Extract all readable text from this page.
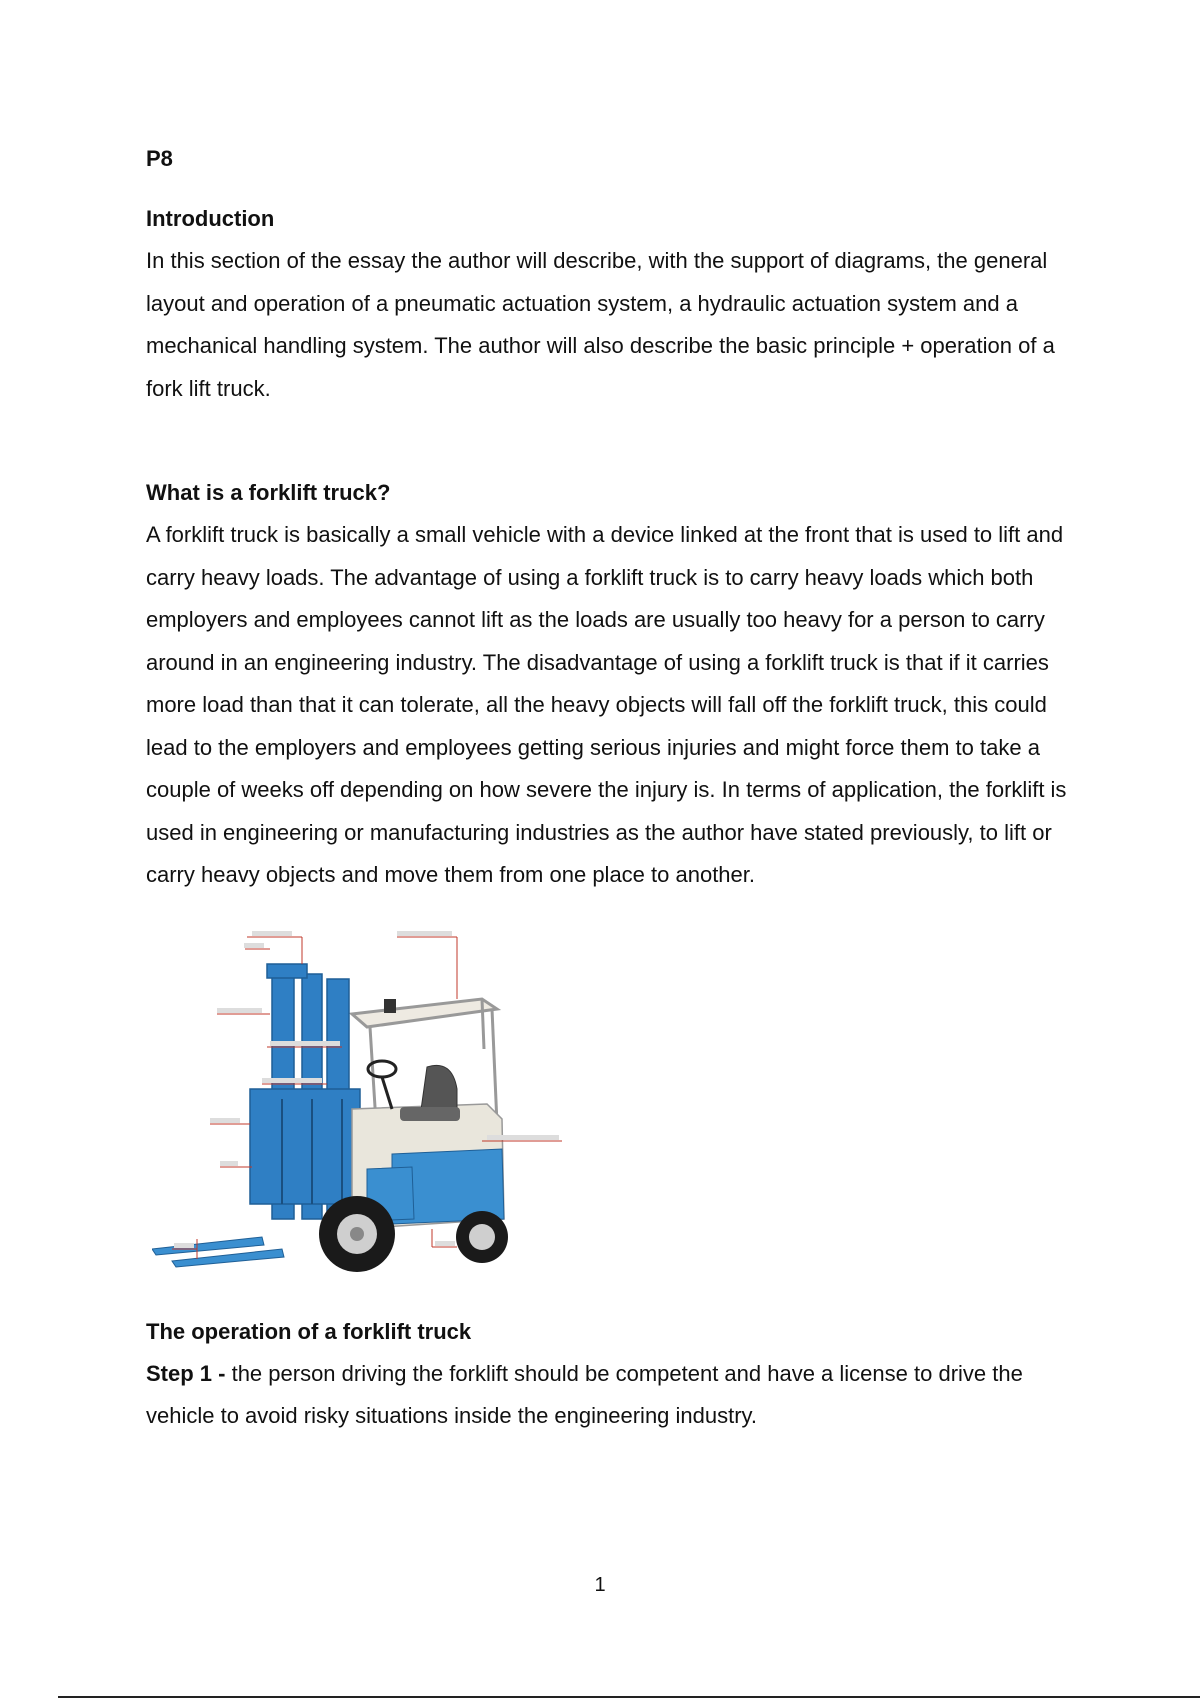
P8
Introduction

In this section of the essay the author will describe, with the support of diagrams, the general layout and operation of a pneumatic actuation system, a hydraulic actuation system and a mechanical handling system. The author will also describe the basic principle + operation of a fork lift truck.

What is a forklift truck?

A forklift truck is basically a small vehicle with a device linked at the front that is used to lift and carry heavy loads. The advantage of using a forklift truck is to carry heavy loads which both employers and employees cannot lift as the loads are usually too heavy for a person to carry around in an engineering industry. The disadvantage of using a forklift truck is that if it carries more load than that it can tolerate, all the heavy objects will fall off the forklift truck, this could lead to the employers and employees getting serious injuries and might force them to take a couple of weeks off depending on how severe the injury is. In terms of application, the forklift is used in engineering or manufacturing industries as the author have stated previously, to lift or carry heavy objects and move them from one place to another.

The operation of a forklift truck

Step 1 - the person driving the forklift should be competent and have a license to drive the vehicle to avoid risky situations inside the engineering industry.

1
